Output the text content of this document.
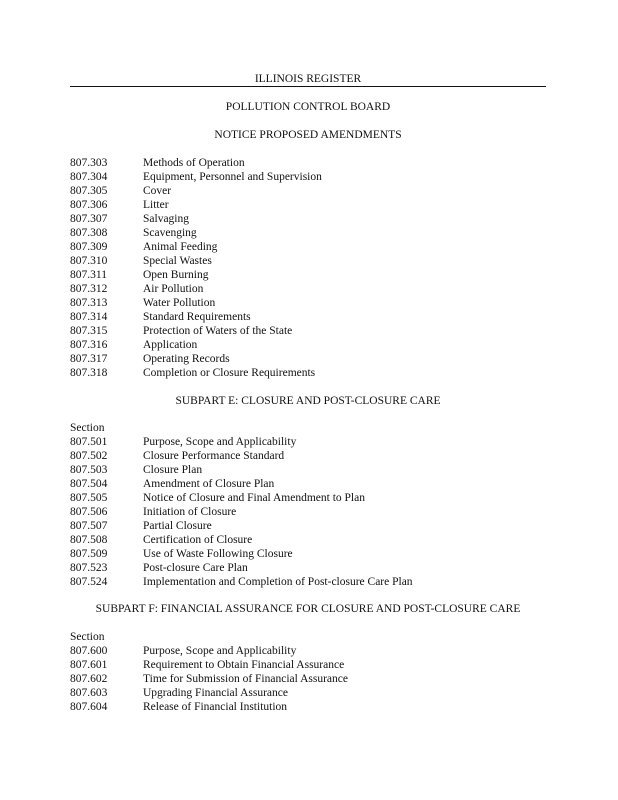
ILLINOIS REGISTER
POLLUTION CONTROL BOARD
NOTICE PROPOSED AMENDMENTS
807.303	Methods of Operation
807.304	Equipment, Personnel and Supervision
807.305	Cover
807.306	Litter
807.307	Salvaging
807.308	Scavenging
807.309	Animal Feeding
807.310	Special Wastes
807.311	Open Burning
807.312	Air Pollution
807.313	Water Pollution
807.314	Standard Requirements
807.315	Protection of Waters of the State
807.316	Application
807.317	Operating Records
807.318	Completion or Closure Requirements
SUBPART E: CLOSURE AND POST-CLOSURE CARE
Section
807.501	Purpose, Scope and Applicability
807.502	Closure Performance Standard
807.503	Closure Plan
807.504	Amendment of Closure Plan
807.505	Notice of Closure and Final Amendment to Plan
807.506	Initiation of Closure
807.507	Partial Closure
807.508	Certification of Closure
807.509	Use of Waste Following Closure
807.523	Post-closure Care Plan
807.524	Implementation and Completion of Post-closure Care Plan
SUBPART F: FINANCIAL ASSURANCE FOR CLOSURE AND POST-CLOSURE CARE
Section
807.600	Purpose, Scope and Applicability
807.601	Requirement to Obtain Financial Assurance
807.602	Time for Submission of Financial Assurance
807.603	Upgrading Financial Assurance
807.604	Release of Financial Institution
